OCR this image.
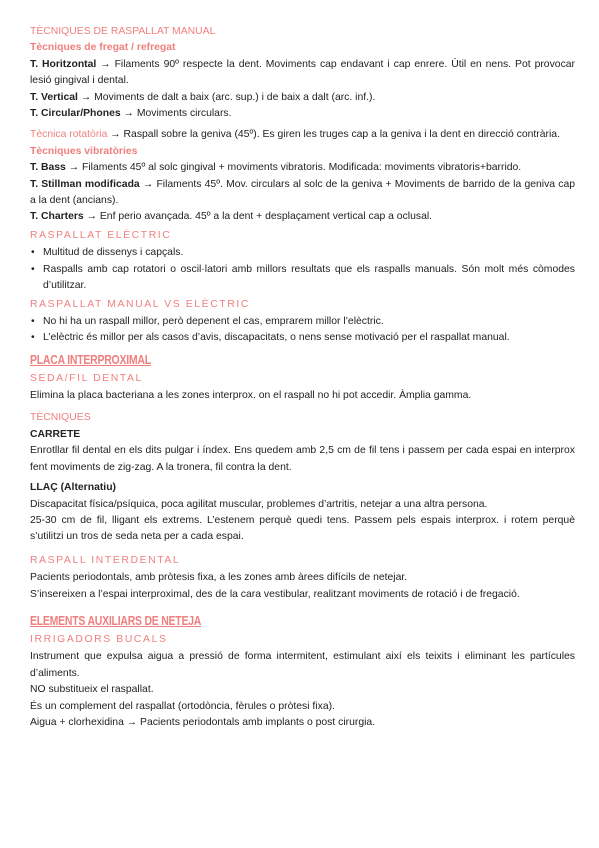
TÈCNIQUES DE RASPALLAT MANUAL

Tècniques de fregat / refregat

T. Horitzontal → Filaments 90º respecte la dent. Moviments cap endavant i cap enrere. Útil en nens. Pot provocar lesió gingival i dental.

T. Vertical → Moviments de dalt a baix (arc. sup.) i de baix a dalt (arc. inf.).

T. Circular/Phones → Moviments circulars.

Tècnica rotatòria → Raspall sobre la geniva (45º). Es giren les truges cap a la geniva i la dent en direcció contrària.

Tècniques vibratòries

T. Bass → Filaments 45º al solc gingival + moviments vibratoris. Modificada: moviments vibratoris+barrido.

T. Stillman modificada → Filaments 45º. Mov. circulars al solc de la geniva + Moviments de barrido de la geniva cap a la dent (ancians).

T. Charters → Enf perio avançada. 45º a la dent + desplaçament vertical cap a oclusal.

RASPALLAT ELÈCTRIC

• Multitud de dissenys i capçals.
• Raspalls amb cap rotatori o oscil·latori amb millors resultats que els raspalls manuals. Són molt més còmodes d’utilitzar.

RASPALLAT MANUAL VS ELÈCTRIC

• No hi ha un raspall millor, però depenent el cas, emprarem millor l’elèctric.
• L’elèctric és millor per als casos d’avis, discapacitats, o nens sense motivació per el raspallat manual.

PLACA INTERPROXIMAL

SEDA/FIL DENTAL

Elimina la placa bacteriana a les zones interprox. on el raspall no hi pot accedir. Àmplia gamma.

TÈCNIQUES

CARRETE

Enrotllar fil dental en els dits pulgar i índex. Ens quedem amb 2,5 cm de fil tens i passem per cada espai en interprox fent moviments de zig-zag. A la tronera, fil contra la dent.

LLAÇ (Alternatiu)

Discapacitat física/psíquica, poca agilitat muscular, problemes d’artritis, netejar a una altra persona.

25-30 cm de fil, lligant els extrems. L’estenem perquè quedi tens. Passem pels espais interprox. i rotem perquè s’utilitzi un tros de seda neta per a cada espai.

RASPALL INTERDENTAL

Pacients periodontals, amb pròtesis fixa, a les zones amb àrees difícils de netejar.

S’insereixen a l’espai interproximal, des de la cara vestibular, realitzant moviments de rotació i de fregació.

ELEMENTS AUXILIARS DE NETEJA

IRRIGADORS BUCALS

Instrument que expulsa aigua a pressió de forma intermitent, estimulant així els teixits i eliminant les partícules d’aliments.

NO substitueix el raspallat.

És un complement del raspallat (ortodòncia, fèrules o pròtesi fixa).

Aigua + clorhexidina → Pacients periodontals amb implants o post cirurgia.
